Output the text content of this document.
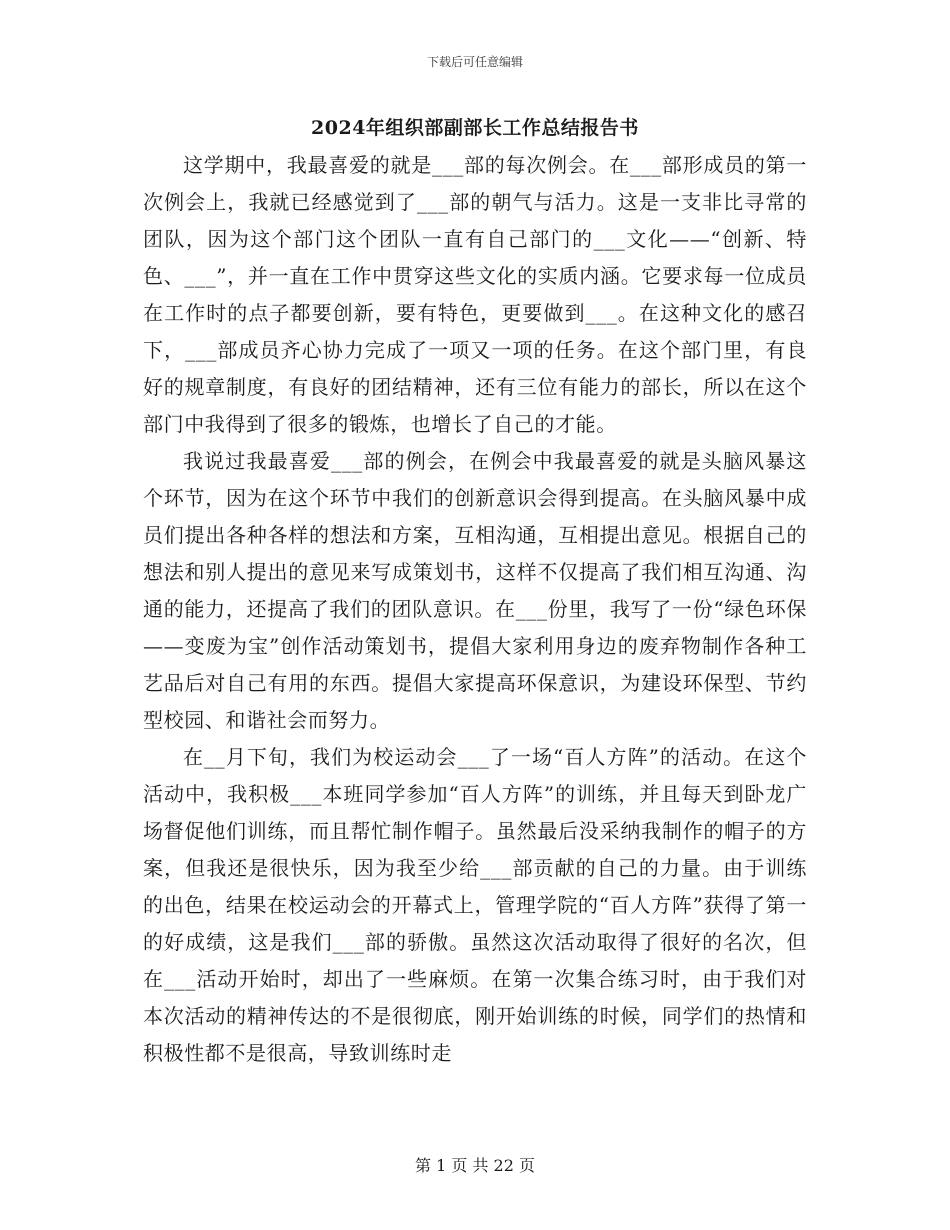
下载后可任意编辑
2024年组织部副部长工作总结报告书

这学期中，我最喜爱的就是___部的每次例会。在___部形成员的第一次例会上，我就已经感觉到了___部的朝气与活力。这是一支非比寻常的团队，因为这个部门这个团队一直有自己部门的___文化——“创新、特色、___”，并一直在工作中贯穿这些文化的实质内涵。它要求每一位成员在工作时的点子都要创新，要有特色，更要做到___。在这种文化的感召下，___部成员齐心协力完成了一项又一项的任务。在这个部门里，有良好的规章制度，有良好的团结精神，还有三位有能力的部长，所以在这个部门中我得到了很多的锻炼，也增长了自己的才能。

我说过我最喜爱___部的例会，在例会中我最喜爱的就是头脑风暴这个环节，因为在这个环节中我们的创新意识会得到提高。在头脑风暴中成员们提出各种各样的想法和方案，互相沟通，互相提出意见。根据自己的想法和别人提出的意见来写成策划书，这样不仅提高了我们相互沟通、沟通的能力，还提高了我们的团队意识。在___份里，我写了一份“绿色环保——变废为宝”创作活动策划书，提倡大家利用身边的废弃物制作各种工艺品后对自己有用的东西。提倡大家提高环保意识，为建设环保型、节约型校园、和谐社会而努力。

在__月下旬，我们为校运动会___了一场“百人方阵”的活动。在这个活动中，我积极___本班同学参加“百人方阵”的训练，并且每天到卧龙广场督促他们训练，而且帮忙制作帽子。虽然最后没采纳我制作的帽子的方案，但我还是很快乐，因为我至少给___部贡献的自己的力量。由于训练的出色，结果在校运动会的开幕式上，管理学院的“百人方阵”获得了第一的好成绩，这是我们___部的骄傲。虽然这次活动取得了很好的名次，但在___活动开始时，却出了一些麻烦。在第一次集合练习时，由于我们对本次活动的精神传达的不是很彻底，刚开始训练的时候，同学们的热情和积极性都不是很高，导致训练时走

第 1 页 共 22 页
